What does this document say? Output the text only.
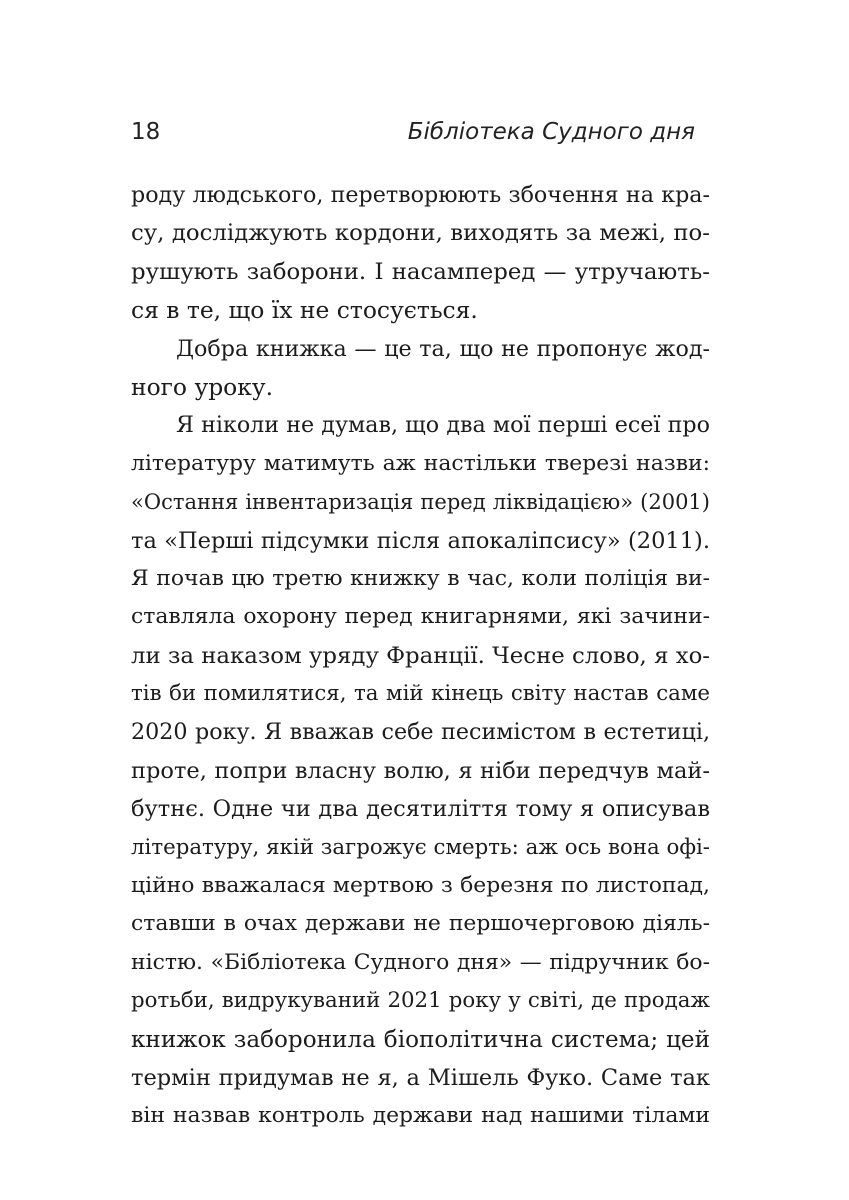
18	Бібліотека Судного дня
роду людського, перетворюють збочення на кра-
су, досліджують кордони, виходять за межі, по-
рушують заборони. І насамперед — утручають-
ся в те, що їх не стосується.
Добра книжка — це та, що не пропонує жод-
ного уроку.
Я ніколи не думав, що два мої перші есеї про
літературу матимуть аж настільки тверезі назви:
«Остання інвентаризація перед ліквідацією» (2001)
та «Перші підсумки після апокаліпсису» (2011).
Я почав цю третю книжку в час, коли поліція ви-
ставляла охорону перед книгарнями, які зачини-
ли за наказом уряду Франції. Чесне слово, я хо-
тів би помилятися, та мій кінець світу настав саме
2020 року. Я вважав себе песимістом в естетиці,
проте, попри власну волю, я ніби передчув май-
бутнє. Одне чи два десятиліття тому я описував
літературу, якій загрожує смерть: аж ось вона офі-
ційно вважалася мертвою з березня по листопад,
ставши в очах держави не першочерговою діяль-
ністю. «Бібліотека Судного дня» — підручник бо-
ротьби, видрукуваний 2021 року у світі, де продаж
книжок заборонила біополітична система; цей
термін придумав не я, а Мішель Фуко. Саме так
він назвав контроль держави над нашими тілами
